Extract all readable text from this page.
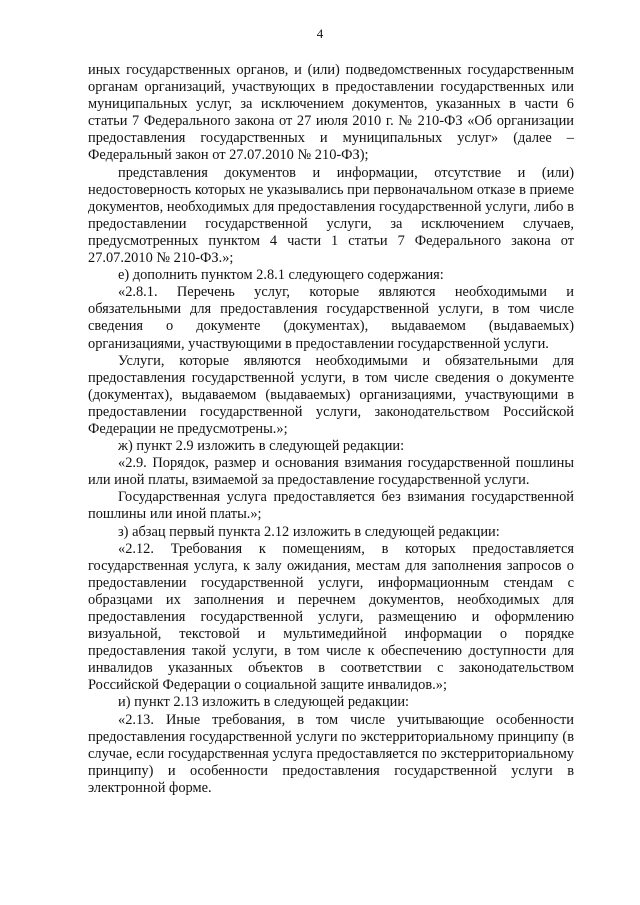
4

иных государственных органов, и (или) подведомственных государственным органам организаций, участвующих в предоставлении государственных или муниципальных услуг, за исключением документов, указанных в части 6 статьи 7 Федерального закона от 27 июля 2010 г. № 210-ФЗ «Об организации предоставления государственных и муниципальных услуг» (далее – Федеральный закон от 27.07.2010 № 210-ФЗ);

представления документов и информации, отсутствие и (или) недостоверность которых не указывались при первоначальном отказе в приеме документов, необходимых для предоставления государственной услуги, либо в предоставлении государственной услуги, за исключением случаев, предусмотренных пунктом 4 части 1 статьи 7 Федерального закона от 27.07.2010 № 210-ФЗ.»;

е) дополнить пунктом 2.8.1 следующего содержания:

«2.8.1. Перечень услуг, которые являются необходимыми и обязательными для предоставления государственной услуги, в том числе сведения о документе (документах), выдаваемом (выдаваемых) организациями, участвующими в предоставлении государственной услуги.

Услуги, которые являются необходимыми и обязательными для предоставления государственной услуги, в том числе сведения о документе (документах), выдаваемом (выдаваемых) организациями, участвующими в предоставлении государственной услуги, законодательством Российской Федерации не предусмотрены.»;

ж) пункт 2.9 изложить в следующей редакции:

«2.9. Порядок, размер и основания взимания государственной пошлины или иной платы, взимаемой за предоставление государственной услуги.

Государственная услуга предоставляется без взимания государственной пошлины или иной платы.»;

з) абзац первый пункта 2.12 изложить в следующей редакции:

«2.12. Требования к помещениям, в которых предоставляется государственная услуга, к залу ожидания, местам для заполнения запросов о предоставлении государственной услуги, информационным стендам с образцами их заполнения и перечнем документов, необходимых для предоставления государственной услуги, размещению и оформлению визуальной, текстовой и мультимедийной информации о порядке предоставления такой услуги, в том числе к обеспечению доступности для инвалидов указанных объектов в соответствии с законодательством Российской Федерации о социальной защите инвалидов.»;

и) пункт 2.13 изложить в следующей редакции:

«2.13. Иные требования, в том числе учитывающие особенности предоставления государственной услуги по экстерриториальному принципу (в случае, если государственная услуга предоставляется по экстерриториальному принципу) и особенности предоставления государственной услуги в электронной форме.
